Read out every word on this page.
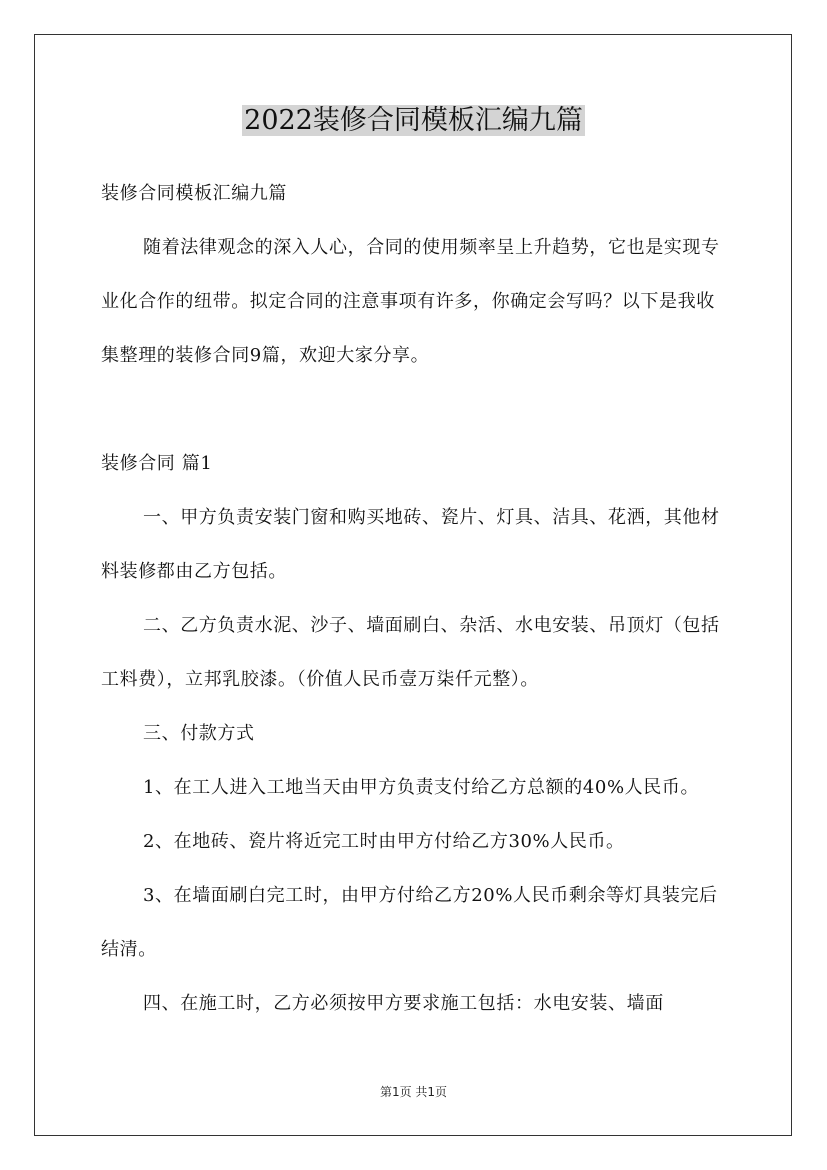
2022装修合同模板汇编九篇

装修合同模板汇编九篇

随着法律观念的深入人心，合同的使用频率呈上升趋势，它也是实现专业化合作的纽带。拟定合同的注意事项有许多，你确定会写吗？以下是我收集整理的装修合同9篇，欢迎大家分享。

装修合同 篇1

一、甲方负责安装门窗和购买地砖、瓷片、灯具、洁具、花洒，其他材料装修都由乙方包括。

二、乙方负责水泥、沙子、墙面刷白、杂活、水电安装、吊顶灯（包括工料费），立邦乳胶漆。（价值人民币壹万柒仟元整）。

三、付款方式

1、在工人进入工地当天由甲方负责支付给乙方总额的40%人民币。

2、在地砖、瓷片将近完工时由甲方付给乙方30%人民币。

3、在墙面刷白完工时，由甲方付给乙方20%人民币剩余等灯具装完后结清。

四、在施工时，乙方必须按甲方要求施工包括：水电安装、墙面

第1页 共1页
